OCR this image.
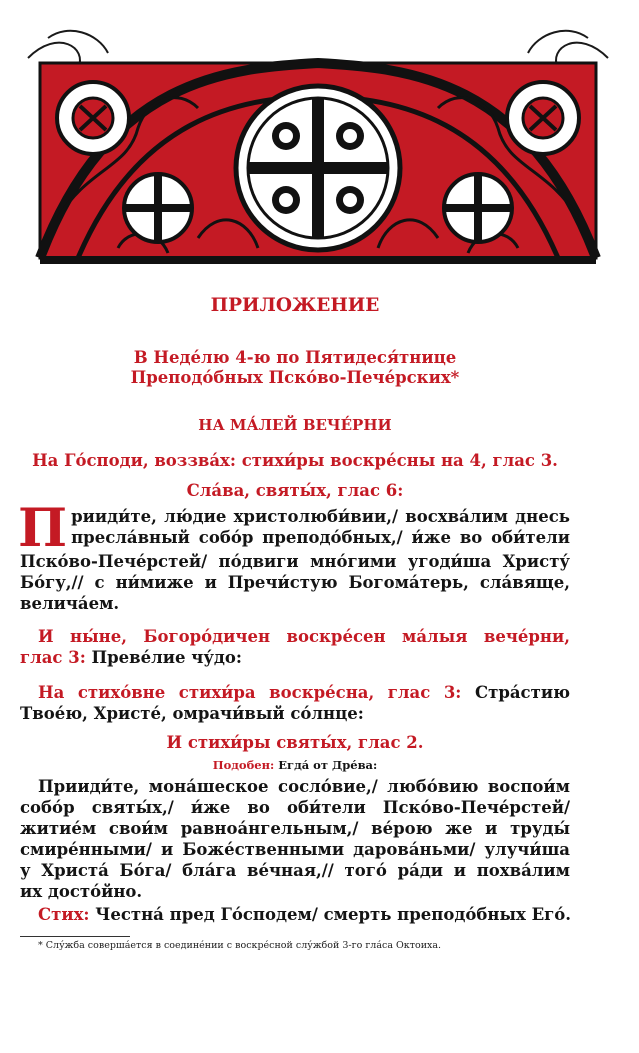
ПРИЛОЖЕНИЕ
В Неде́лю 4-ю по Пятидеся́тнице
Преподо́бных Пско́во-Пече́рских*
НА МА́ЛЕЙ ВЕЧЕ́РНИ
На Го́споди, воззва́х: стихи́ры воскре́сны на 4, глас 3.
Сла́ва, святы́х, глас 6:
П рииди́те, лю́дие христолюби́вии,/ восхва́лим днесь
пресла́вный собо́р преподо́бных,/ и́же во оби́тели
Пско́во-Пече́рстей/ по́двиги мно́гими угоди́ша Христу́
Бо́гу,// с ни́миже и Пречи́стую Богома́терь, сла́вяще,
велича́ем.
И ны́не, Богоро́дичен воскре́сен ма́лыя вече́рни,
глас 3: Преве́лие чу́до:
На стихо́вне стихи́ра воскре́сна, глас 3: Стра́стию
Твое́ю, Христе́, омрачи́вый со́лнце:
И стихи́ры святы́х, глас 2.
Подобен: Егда́ от Дре́ва:
Прииди́те, мона́шеское сосло́вие,/ любо́вию воспои́м
собо́р святы́х,/ и́же во оби́тели Пско́во-Пече́рстей/
житие́м свои́м равноа́нгельным,/ ве́рою же и труды́
смире́нными/ и Боже́ственными дарова́ньми/ улучи́ша
у Христа́ Бо́га/ бла́га ве́чная,// того́ ра́ди и похва́лим
их досто́йно.
Стих: Честна́ пред Го́сподем/ смерть преподо́бных Его́.
* Слу́жба соверша́ется в соедине́нии с воскре́сной слу́жбой 3-го гла́са Октоиха.
